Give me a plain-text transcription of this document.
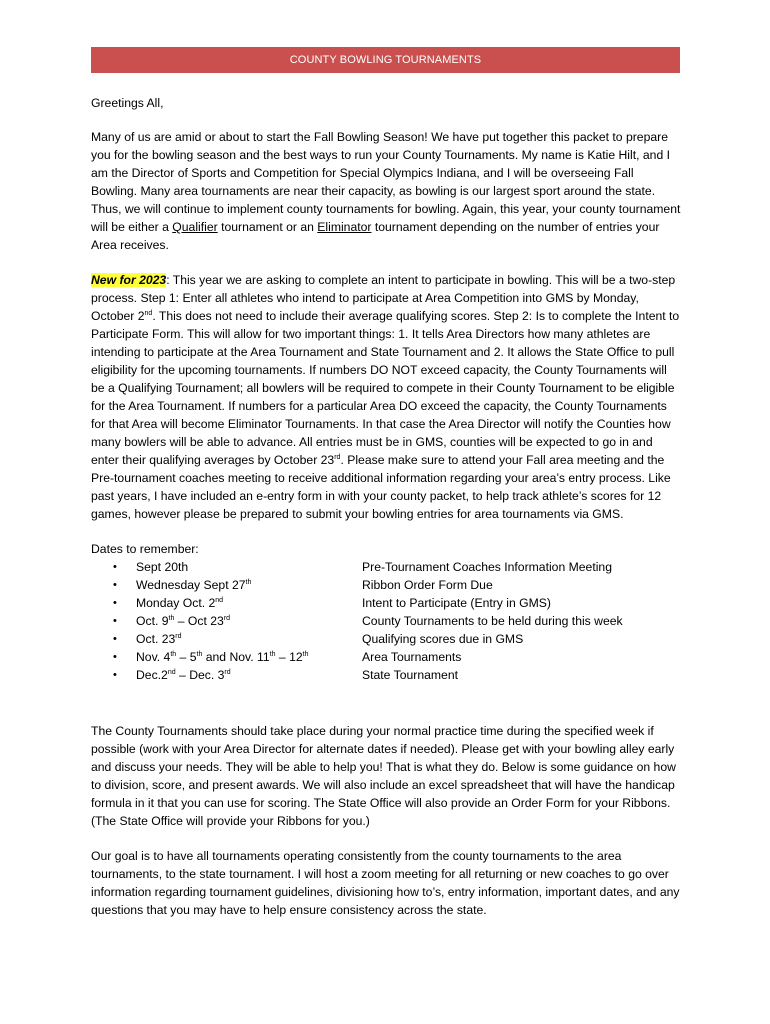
COUNTY BOWLING TOURNAMENTS

Greetings All,

Many of us are amid or about to start the Fall Bowling Season! We have put together this packet to prepare you for the bowling season and the best ways to run your County Tournaments. My name is Katie Hilt, and I am the Director of Sports and Competition for Special Olympics Indiana, and I will be overseeing Fall Bowling. Many area tournaments are near their capacity, as bowling is our largest sport around the state. Thus, we will continue to implement county tournaments for bowling. Again, this year, your county tournament will be either a Qualifier tournament or an Eliminator tournament depending on the number of entries your Area receives.

New for 2023: This year we are asking to complete an intent to participate in bowling. This will be a two-step process. Step 1: Enter all athletes who intend to participate at Area Competition into GMS by Monday, October 2nd. This does not need to include their average qualifying scores. Step 2: Is to complete the Intent to Participate Form. This will allow for two important things: 1. It tells Area Directors how many athletes are intending to participate at the Area Tournament and State Tournament and 2. It allows the State Office to pull eligibility for the upcoming tournaments. If numbers DO NOT exceed capacity, the County Tournaments will be a Qualifying Tournament; all bowlers will be required to compete in their County Tournament to be eligible for the Area Tournament. If numbers for a particular Area DO exceed the capacity, the County Tournaments for that Area will become Eliminator Tournaments. In that case the Area Director will notify the Counties how many bowlers will be able to advance. All entries must be in GMS, counties will be expected to go in and enter their qualifying averages by October 23rd. Please make sure to attend your Fall area meeting and the Pre-tournament coaches meeting to receive additional information regarding your area’s entry process. Like past years, I have included an e-entry form in with your county packet, to help track athlete’s scores for 12 games, however please be prepared to submit your bowling entries for area tournaments via GMS.

Dates to remember:

• Sept 20th	Pre-Tournament Coaches Information Meeting
• Wednesday Sept 27th	Ribbon Order Form Due
• Monday Oct. 2nd	Intent to Participate (Entry in GMS)
• Oct. 9th – Oct 23rd	County Tournaments to be held during this week
• Oct. 23rd	Qualifying scores due in GMS
• Nov. 4th – 5th and Nov. 11th – 12th	Area Tournaments
• Dec.2nd – Dec. 3rd	State Tournament

The County Tournaments should take place during your normal practice time during the specified week if possible (work with your Area Director for alternate dates if needed). Please get with your bowling alley early and discuss your needs. They will be able to help you! That is what they do. Below is some guidance on how to division, score, and present awards. We will also include an excel spreadsheet that will have the handicap formula in it that you can use for scoring. The State Office will also provide an Order Form for your Ribbons. (The State Office will provide your Ribbons for you.)

Our goal is to have all tournaments operating consistently from the county tournaments to the area tournaments, to the state tournament. I will host a zoom meeting for all returning or new coaches to go over information regarding tournament guidelines, divisioning how to’s, entry information, important dates, and any questions that you may have to help ensure consistency across the state.
